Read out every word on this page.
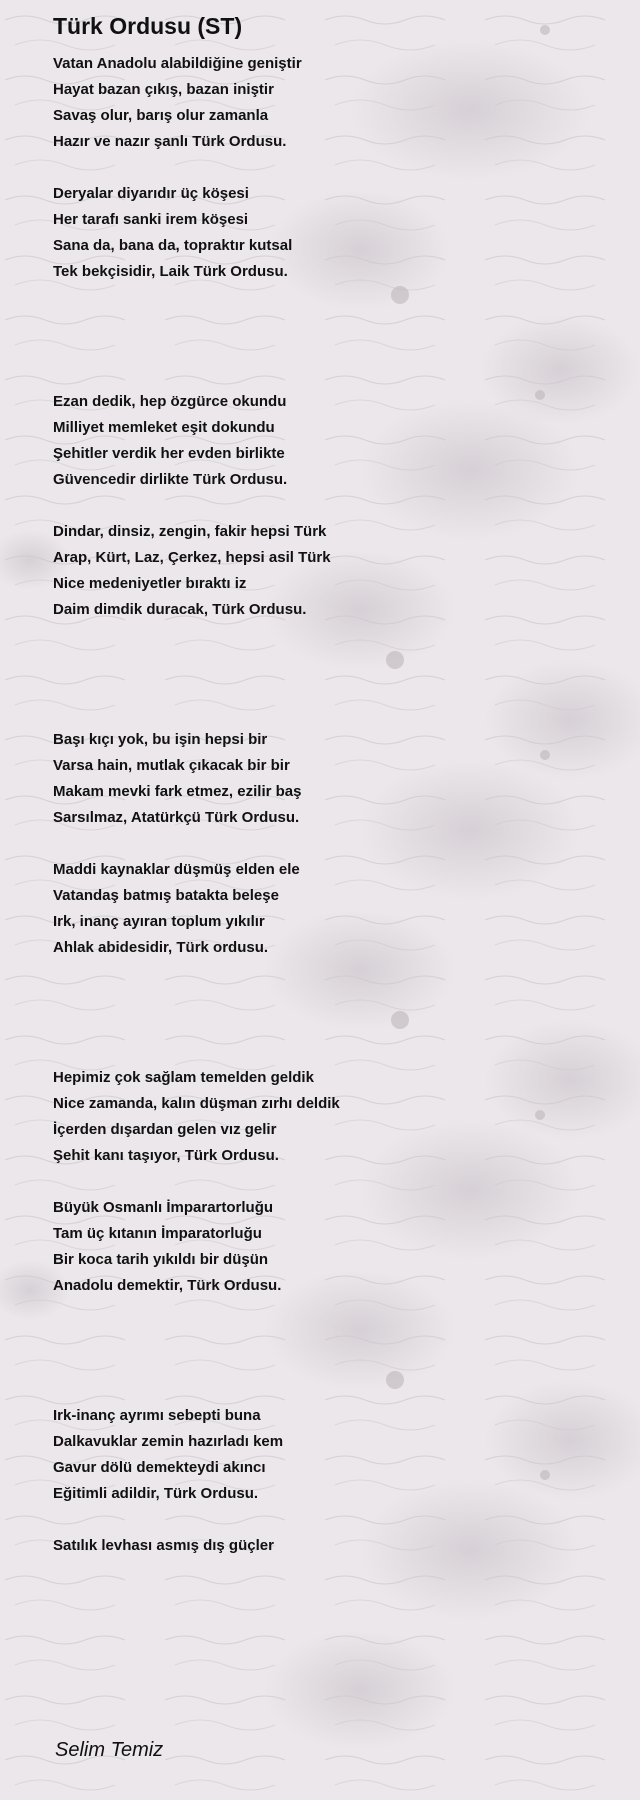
Türk Ordusu (ST)
Vatan Anadolu alabildiğine geniştir
Hayat bazan çıkış, bazan iniştir
Savaş olur, barış olur zamanla
Hazır ve nazır şanlı Türk Ordusu.
Deryalar diyarıdır üç köşesi
Her tarafı sanki irem köşesi
Sana da, bana da, topraktır kutsal
Tek bekçisidir, Laik Türk Ordusu.
Ezan dedik, hep özgürce okundu
Milliyet memleket eşit dokundu
Şehitler verdik her evden birlikte
Güvencedir dirlikte Türk Ordusu.
Dindar, dinsiz, zengin, fakir hepsi Türk
Arap, Kürt, Laz, Çerkez, hepsi asil Türk
Nice medeniyetler bıraktı iz
Daim dimdik duracak, Türk Ordusu.
Başı kıçı yok, bu işin hepsi bir
Varsa hain, mutlak çıkacak bir bir
Makam mevki fark etmez, ezilir baş
Sarsılmaz, Atatürkçü Türk Ordusu.
Maddi kaynaklar düşmüş elden ele
Vatandaş batmış batakta beleşe
Irk, inanç ayıran toplum yıkılır
Ahlak abidesidir, Türk ordusu.
Hepimiz çok sağlam temelden geldik
Nice zamanda, kalın düşman zırhı deldik
İçerden dışardan gelen vız gelir
Şehit kanı taşıyor, Türk Ordusu.
Büyük Osmanlı İmparartorluğu
Tam üç kıtanın İmparatorluğu
Bir koca tarih yıkıldı bir düşün
Anadolu demektir, Türk Ordusu.
Irk-inanç ayrımı sebepti buna
Dalkavuklar zemin hazırladı kem
Gavur dölü demekteydi akıncı
Eğitimli adildir, Türk Ordusu.
Satılık levhası asmış dış güçler
Selim Temiz
